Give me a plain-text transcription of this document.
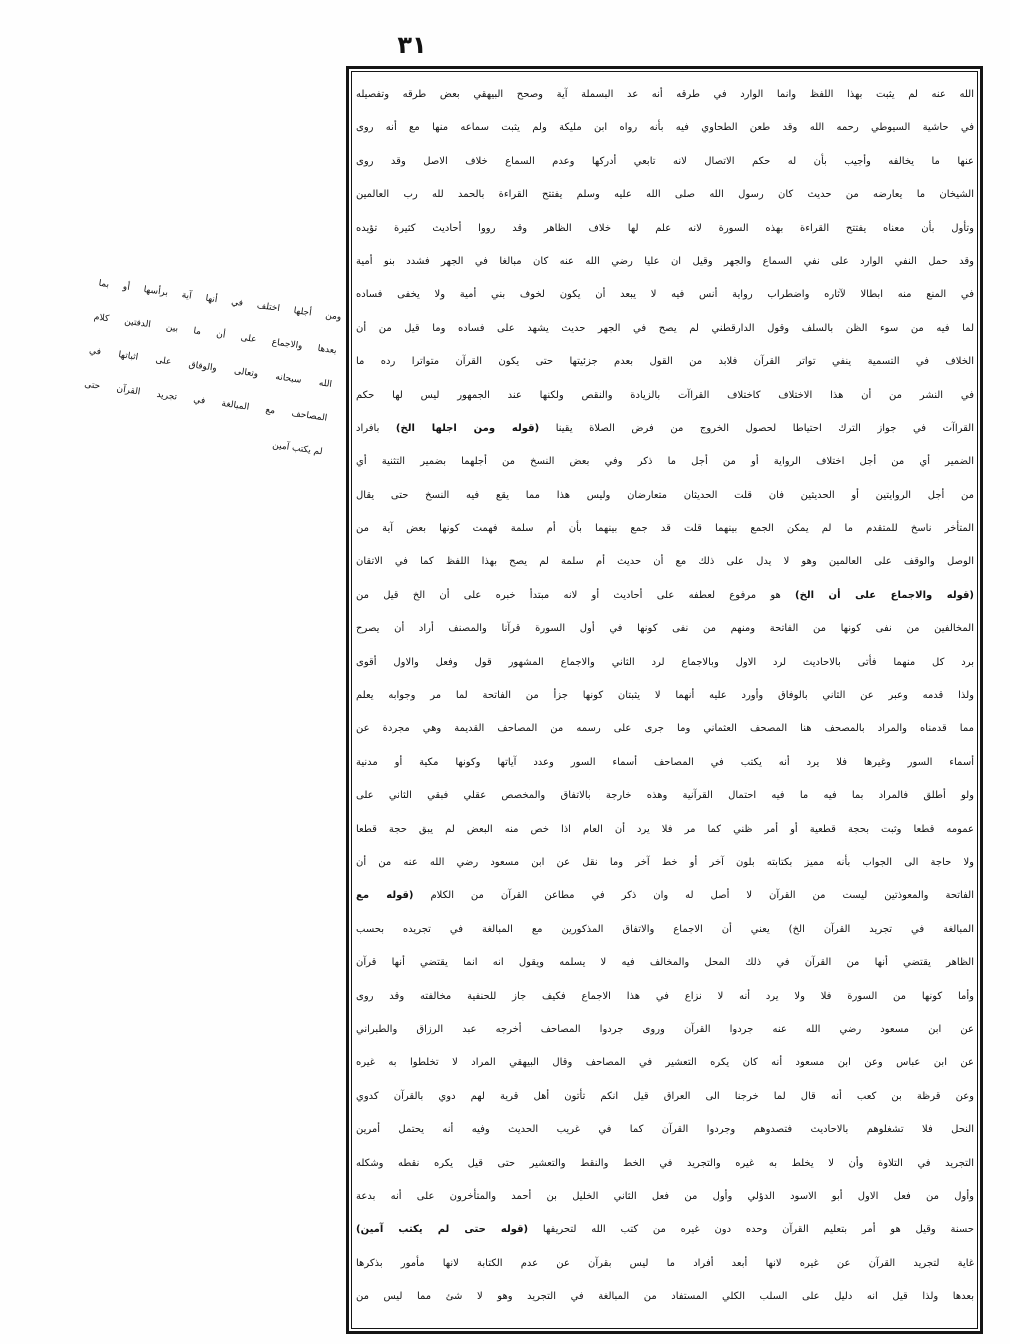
٣١
الله عنه لم يثبت بهذا اللفظ وانما الوارد في طرقه أنه عد البسملة آية وصحح البيهقي بعض طرقه وتفصيله
في حاشية السيوطي رحمه الله وقد طعن الطحاوي فيه بأنه رواه ابن مليكة ولم يثبت سماعه منها مع أنه روى
عنها ما يخالفه وأجيب بأن له حكم الاتصال لانه تابعي أدركها وعدم السماع خلاف الاصل وقد روى
الشيخان ما يعارضه من حديث كان رسول الله صلى الله عليه وسلم يفتتح القراءة بالحمد لله رب العالمين
وتأول بأن معناه يفتتح القراءة بهذه السورة لانه علم لها خلاف الظاهر وقد رووا أحاديث كثيرة تؤيده
وقد حمل النفي الوارد على نفي السماع والجهر وقيل ان عليا رضي الله عنه كان مبالغا في الجهر فشدد بنو أمية
في المنع منه ابطالا لآثاره واضطراب رواية أنس فيه لا يبعد أن يكون لخوف بني أمية ولا يخفى فساده
لما فيه من سوء الظن بالسلف وقول الدارقطني لم يصح في الجهر حديث يشهد على فساده وما قيل من أن
الخلاف في التسمية ينفي تواتر القرآن فلابد من القول بعدم جزئيتها حتى يكون القرآن متواترا رده ما
في النشر من أن هذا الاختلاف كاختلاف القراآت بالزيادة والنقص ولكنها عند الجمهور ليس لها حكم
القراآت في جواز الترك احتياطا لحصول الخروج من فرض الصلاة يقينا (قوله ومن اجلها الخ) بافراد
الضمير أي من أجل اختلاف الرواية أو من أجل ما ذكر وفي بعض النسخ من أجلهما بضمير التثنية أي
من أجل الروايتين أو الحديثين فان قلت الحديثان متعارضان وليس هذا مما يقع فيه النسخ حتى يقال
المتأخر ناسخ للمتقدم ما لم يمكن الجمع بينهما قلت قد جمع بينهما بأن أم سلمة فهمت كونها بعض آية من
الوصل والوقف على العالمين وهو لا يدل على ذلك مع أن حديث أم سلمة لم يصح بهذا اللفظ كما في الاتقان
(قوله والاجماع على أن الخ) هو مرفوع لعطفه على أحاديث أو لانه مبتدأ خبره على أن الخ قيل من
المخالفين من نفى كونها من الفاتحة ومنهم من نفى كونها في أول السورة قرآنا والمصنف أراد أن يصرح
برد كل منهما فأتى بالاحاديث لرد الاول وبالاجماع لرد الثاني والاجماع المشهور قول وفعل والاول أقوى
ولذا قدمه وعبر عن الثاني بالوفاق وأورد عليه أنهما لا يثبتان كونها جزأ من الفاتحة لما مر وجوابه يعلم
مما قدمناه والمراد بالمصحف هنا المصحف العثماني وما جرى على رسمه من المصاحف القديمة وهي مجردة عن
أسماء السور وغيرها فلا يرد أنه يكتب في المصاحف أسماء السور وعدد آياتها وكونها مكية أو مدنية
ولو أطلق فالمراد بما فيه ما فيه احتمال القرآنية وهذه خارجة بالاتفاق والمخصص عقلي فبقي الثاني على
عمومه قطعا وثبت بحجة قطعية أو أمر ظني كما مر فلا يرد أن العام اذا خص منه البعض لم يبق حجة قطعا
ولا حاجة الى الجواب بأنه مميز بكتابته بلون آخر أو خط آخر وما نقل عن ابن مسعود رضي الله عنه من أن
الفاتحة والمعوذتين ليست من القرآن لا أصل له وان ذكر في مطاعن القرآن من الكلام (قوله مع
المبالغة في تجريد القرآن الخ) يعني أن الاجماع والاتفاق المذكورين مع المبالغة في تجريده بحسب
الظاهر يقتضي أنها من القرآن في ذلك المحل والمخالف فيه لا يسلمه ويقول انه انما يقتضي أنها قرآن
وأما كونها من السورة فلا ولا يرد أنه لا نزاع في هذا الاجماع فكيف جاز للحنفية مخالفته وقد روى
عن ابن مسعود رضي الله عنه جردوا القرآن وروى جردوا المصاحف أخرجه عبد الرزاق والطبراني
عن ابن عباس وعن ابن مسعود أنه كان يكره التعشير في المصاحف وقال البيهقي المراد لا تخلطوا به غيره
وعن قرظة بن كعب أنه قال لما خرجنا الى العراق قيل انكم تأتون أهل قرية لهم دوي بالقرآن كدوي
النحل فلا تشغلوهم بالاحاديث فتصدوهم وجردوا القرآن كما في غريب الحديث وفيه أنه يحتمل أمرين
التجريد في التلاوة وأن لا يخلط به غيره والتجريد في الخط والنقط والتعشير حتى قيل يكره نقطه وشكله
وأول من فعل الاول أبو الاسود الدؤلي وأول من فعل الثاني الخليل بن أحمد والمتأخرون على أنه بدعة
حسنة وقيل هو أمر بتعليم القرآن وحده دون غيره من كتب الله لتحريفها (قوله حتى لم يكتب آمين)
غاية لتجريد القرآن عن غيره لانها أبعد أفراد ما ليس بقرآن عن عدم الكتابة لانها مأمور بذكرها
بعدها ولذا قيل انه دليل على السلب الكلي المستفاد من المبالغة في التجريد وهو لا شئ مما ليس من
ومن أجلها اختلف في أنها آية برأسها أو بما
بعدها والاجماع على أن ما بين الدفتين كلام
الله سبحانه وتعالى والوفاق على اثباتها في
المصاحف مع المبالغة في تجريد القرآن حتى
لم يكتب آمين
